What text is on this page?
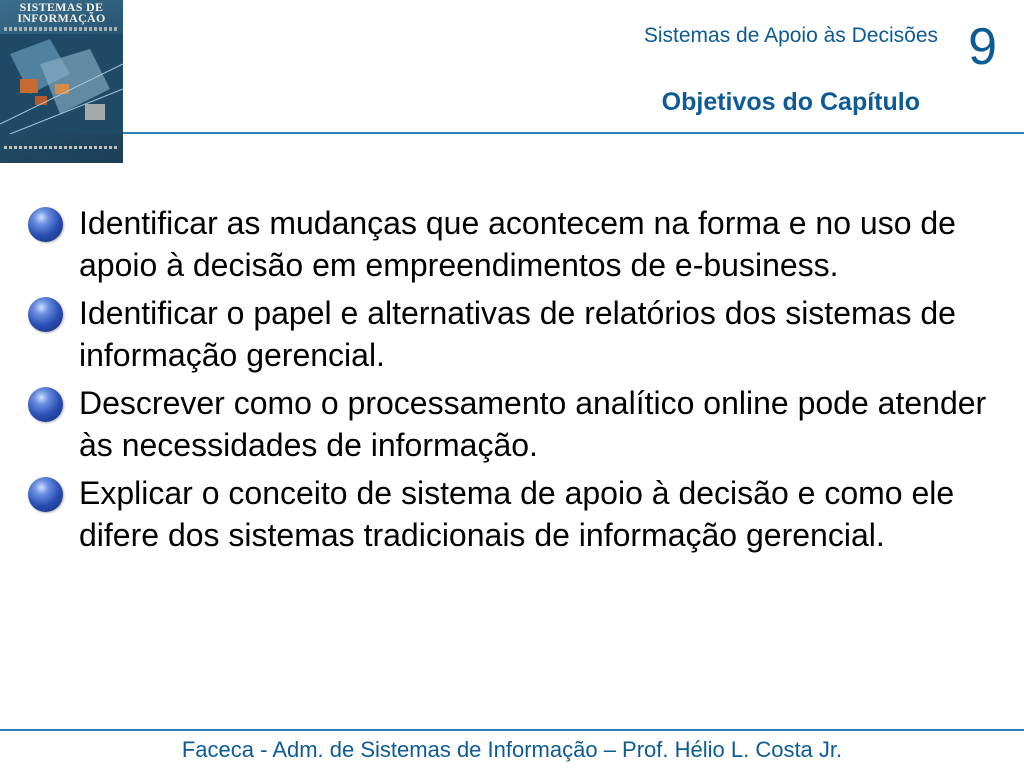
SISTEMAS DE
INFORMAÇÃO
Sistemas de Apoio às Decisões 9
Objetivos do Capítulo
Identificar as mudanças que acontecem na forma e no uso de apoio à decisão em empreendimentos de e-business.
Identificar o papel e alternativas de relatórios dos sistemas de informação gerencial.
Descrever como o processamento analítico online pode atender às necessidades de informação.
Explicar o conceito de sistema de apoio à decisão e como ele difere dos sistemas tradicionais de informação gerencial.
Faceca - Adm. de Sistemas de Informação – Prof. Hélio L. Costa Jr.
